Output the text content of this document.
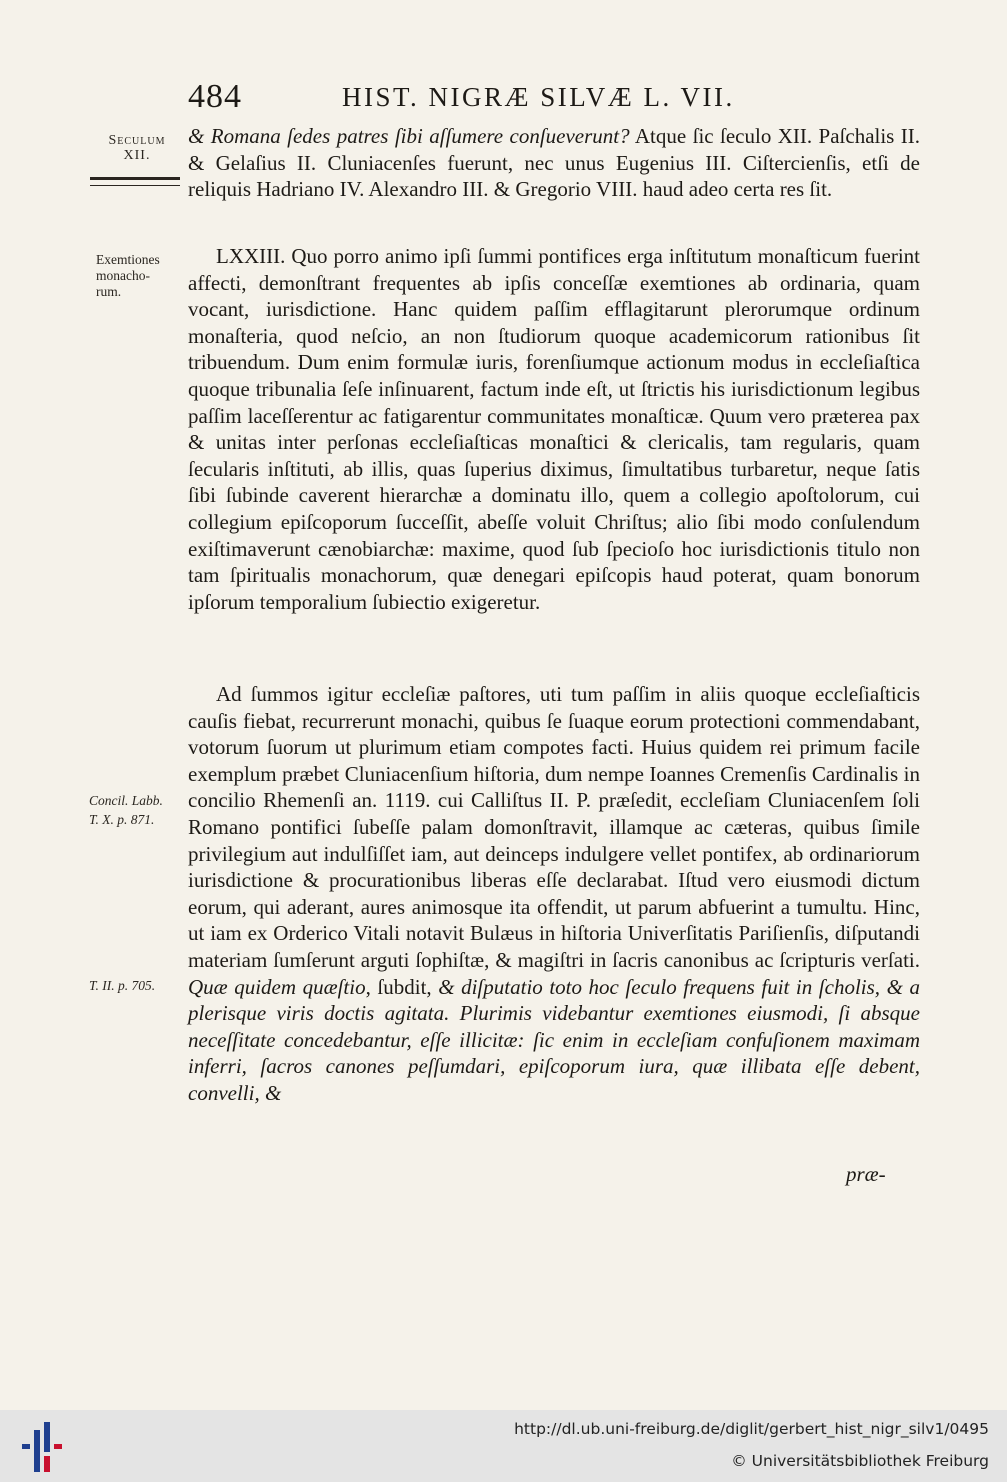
484	HIST. NIGRÆ SILVÆ L. VII.
Seculum
XII.
Exemtiones
monacho-
rum.
Concil. Labb.
T. X. p. 871.
T. II. p. 705.
& Romana ſedes patres ſibi aſſumere conſueverunt? Atque ſic ſeculo XII. Paſchalis II. & Gelaſius II. Cluniacenſes fuerunt, nec unus Eugenius III. Ciſtercienſis, etſi de reliquis Hadriano IV. Alexandro III. & Gregorio VIII. haud adeo certa res ſit.
LXXIII. Quo porro animo ipſi ſummi pontifices erga inſtitutum monaſticum fuerint affecti, demonſtrant frequentes ab ipſis conceſſæ exemtiones ab ordinaria, quam vocant, iurisdictione. Hanc quidem paſſim efflagitarunt plerorumque ordinum monaſteria, quod neſcio, an non ſtudiorum quoque academicorum rationibus ſit tribuendum. Dum enim formulæ iuris, forenſiumque actionum modus in eccleſiaſtica quoque tribunalia ſeſe inſinuarent, factum inde eſt, ut ſtrictis his iurisdictionum legibus paſſim laceſſerentur ac fatigarentur communitates monaſticæ. Quum vero præterea pax & unitas inter perſonas eccleſiaſticas monaſtici & clericalis, tam regularis, quam ſecularis inſtituti, ab illis, quas ſuperius diximus, ſimultatibus turbaretur, neque ſatis ſibi ſubinde caverent hierarchæ a dominatu illo, quem a collegio apoſtolorum, cui collegium epiſcoporum ſucceſſit, abeſſe voluit Chriſtus; alio ſibi modo conſulendum exiſtimaverunt cænobiarchæ: maxime, quod ſub ſpecioſo hoc iurisdictionis titulo non tam ſpiritualis monachorum, quæ denegari epiſcopis haud poterat, quam bonorum ipſorum temporalium ſubiectio exigeretur.
Ad ſummos igitur eccleſiæ paſtores, uti tum paſſim in aliis quoque eccleſiaſticis cauſis fiebat, recurrerunt monachi, quibus ſe ſuaque eorum protectioni commendabant, votorum ſuorum ut plurimum etiam compotes facti. Huius quidem rei primum facile exemplum præbet Cluniacenſium hiſtoria, dum nempe Ioannes Cremenſis Cardinalis in concilio Rhemenſi an. 1119. cui Calliſtus II. P. præſedit, eccleſiam Cluniacenſem ſoli Romano pontifici ſubeſſe palam domonſtravit, illamque ac cæteras, quibus ſimile privilegium aut indulſiſſet iam, aut deinceps indulgere vellet pontifex, ab ordinariorum iurisdictione & procurationibus liberas eſſe declarabat. Iſtud vero eiusmodi dictum eorum, qui aderant, aures animosque ita offendit, ut parum abfuerint a tumultu. Hinc, ut iam ex Orderico Vitali notavit Bulæus in hiſtoria Univerſitatis Pariſienſis, diſputandi materiam ſumſerunt arguti ſophiſtæ, & magiſtri in ſacris canonibus ac ſcripturis verſati. Quæ quidem quæſtio, ſubdit, & diſputatio toto hoc ſeculo frequens fuit in ſcholis, & a plerisque viris doctis agitata. Plurimis videbantur exemtiones eiusmodi, ſi absque neceſſitate concedebantur, eſſe illicitæ: ſic enim in eccleſiam confuſionem maximam inferri, ſacros canones peſſumdari, epiſcoporum iura, quæ illibata eſſe debent, convelli, &
præ-
http://dl.ub.uni-freiburg.de/diglit/gerbert_hist_nigr_silv1/0495
© Universitätsbibliothek Freiburg
